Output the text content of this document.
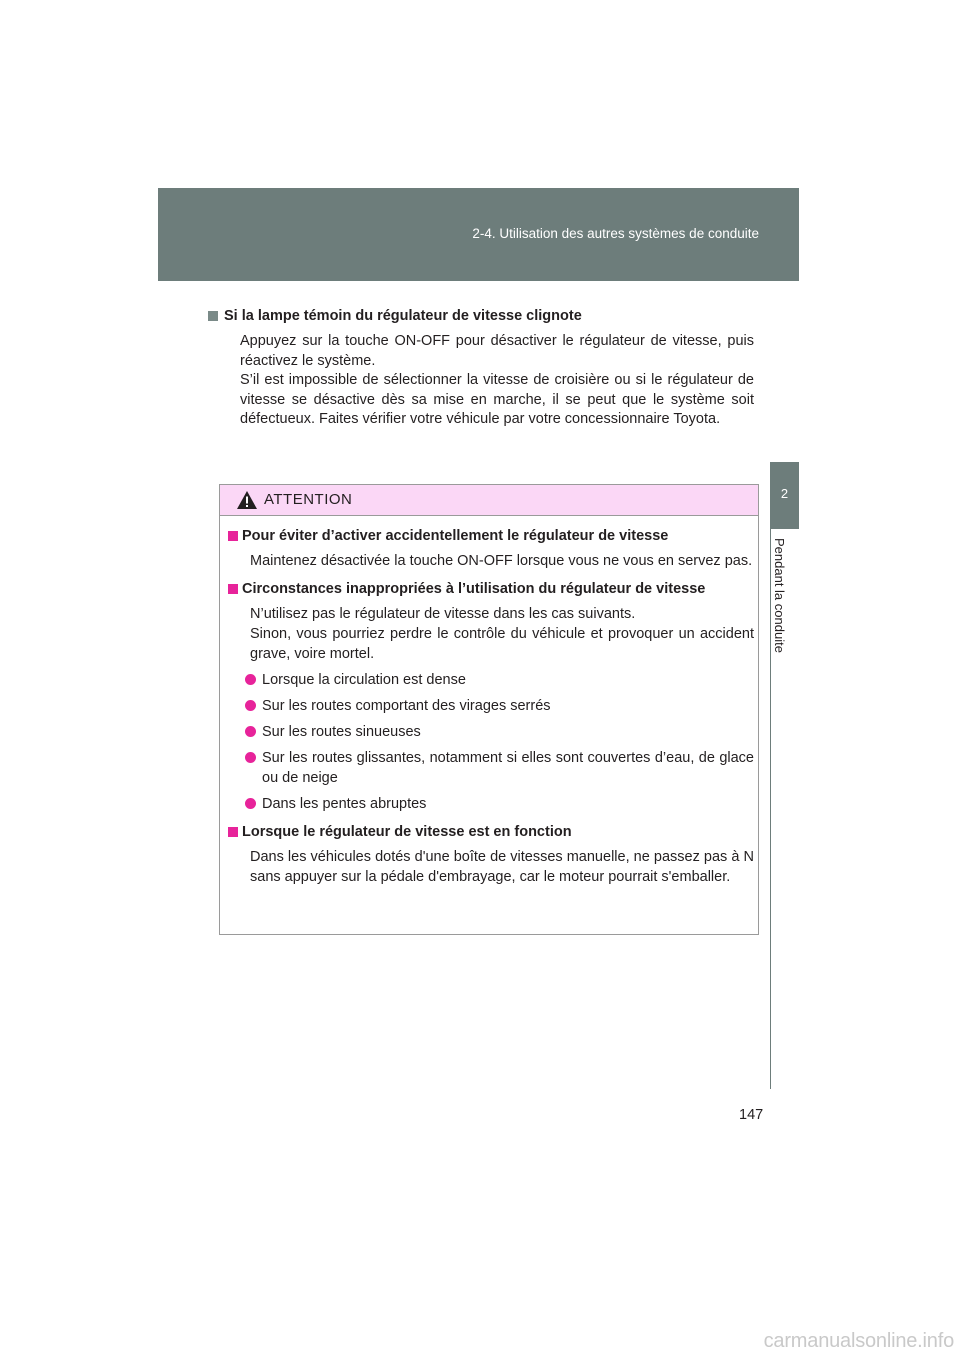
2-4. Utilisation des autres systèmes de conduite
2
Pendant la conduite
Si la lampe témoin du régulateur de vitesse clignote

Appuyez sur la touche ON-OFF pour désactiver le régulateur de vitesse, puis réactivez le système.

S’il est impossible de sélectionner la vitesse de croisière ou si le régulateur de vitesse se désactive dès sa mise en marche, il se peut que le système soit défectueux. Faites vérifier votre véhicule par votre concessionnaire Toyota.

ATTENTION
Pour éviter d’activer accidentellement le régulateur de vitesse

Maintenez désactivée la touche ON-OFF lorsque vous ne vous en servez pas.

Circonstances inappropriées à l’utilisation du régulateur de vitesse

N’utilisez pas le régulateur de vitesse dans les cas suivants.

Sinon, vous pourriez perdre le contrôle du véhicule et provoquer un accident grave, voire mortel.

Lorsque la circulation est dense
Sur les routes comportant des virages serrés
Sur les routes sinueuses
Sur les routes glissantes, notamment si elles sont couvertes d’eau, de glace ou de neige
Dans les pentes abruptes
Lorsque le régulateur de vitesse est en fonction

Dans les véhicules dotés d'une boîte de vitesses manuelle, ne passez pas à N sans appuyer sur la pédale d'embrayage, car le moteur pourrait s'emballer.

147
carmanualsonline.info
